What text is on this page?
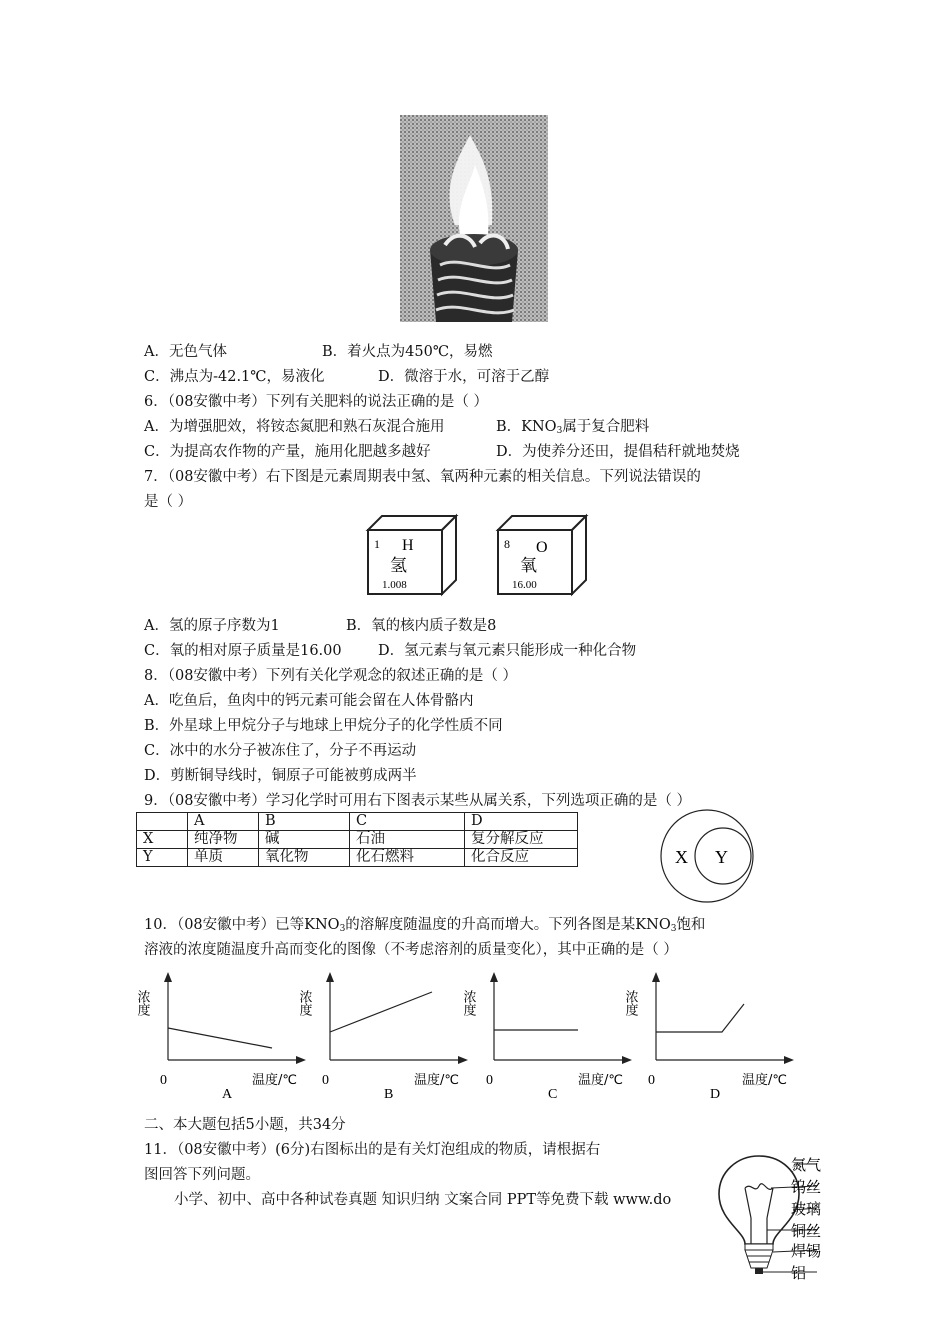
A．无色气体	B．着火点为450℃，易燃
C．沸点为-42.1℃，易液化	D．微溶于水，可溶于乙醇
6．（08安徽中考）下列有关肥料的说法正确的是（ ）
A．为增强肥效，将铵态氮肥和熟石灰混合施用	B．$KNO_3$属于复合肥料
C．为提高农作物的产量，施用化肥越多越好	D．为使养分还田，提倡秸秆就地焚烧
7．（08安徽中考）右下图是元素周期表中氢、氧两种元素的相关信息。下列说法错误的
是（ ）
1 H
氢
1.008
8 O
氧
16.00
A．氢的原子序数为1	B．氧的核内质子数是8
C．氧的相对原子质量是16.00	D．氢元素与氧元素只能形成一种化合物
8．（08安徽中考）下列有关化学观念的叙述正确的是（ ）
A．吃鱼后，鱼肉中的钙元素可能会留在人体骨骼内
B．外星球上甲烷分子与地球上甲烷分子的化学性质不同
C．冰中的水分子被冻住了，分子不再运动
D．剪断铜导线时，铜原子可能被剪成两半
9．（08安徽中考）学习化学时可用右下图表示某些从属关系，下列选项正确的是（ ）
	A	B	C	D
X	纯净物	碱	石油	复分解反应
Y	单质	氧化物	化石燃料	化合反应	X Y
10．（08安徽中考）已等$KNO_3$的溶解度随温度的升高而增大。下列各图是某$KNO_3$饱和
溶液的浓度随温度升高而变化的图像（不考虑溶剂的质量变化），其中正确的是（ ）
浓度
0
A
温度/℃
浓度
0
B
温度/℃
浓度
0
C
温度/℃
浓度
0
D
温度/℃
二、本大题包括5小题，共34分
11．（08安徽中考）(6分)右图标出的是有关灯泡组成的物质，请根据右
图回答下列问题。
小学、初中、高中各种试卷真题 知识归纳 文案合同 PPT等免费下载 www.do
氮气
钨丝
玻璃
铜丝
焊锡
铝
